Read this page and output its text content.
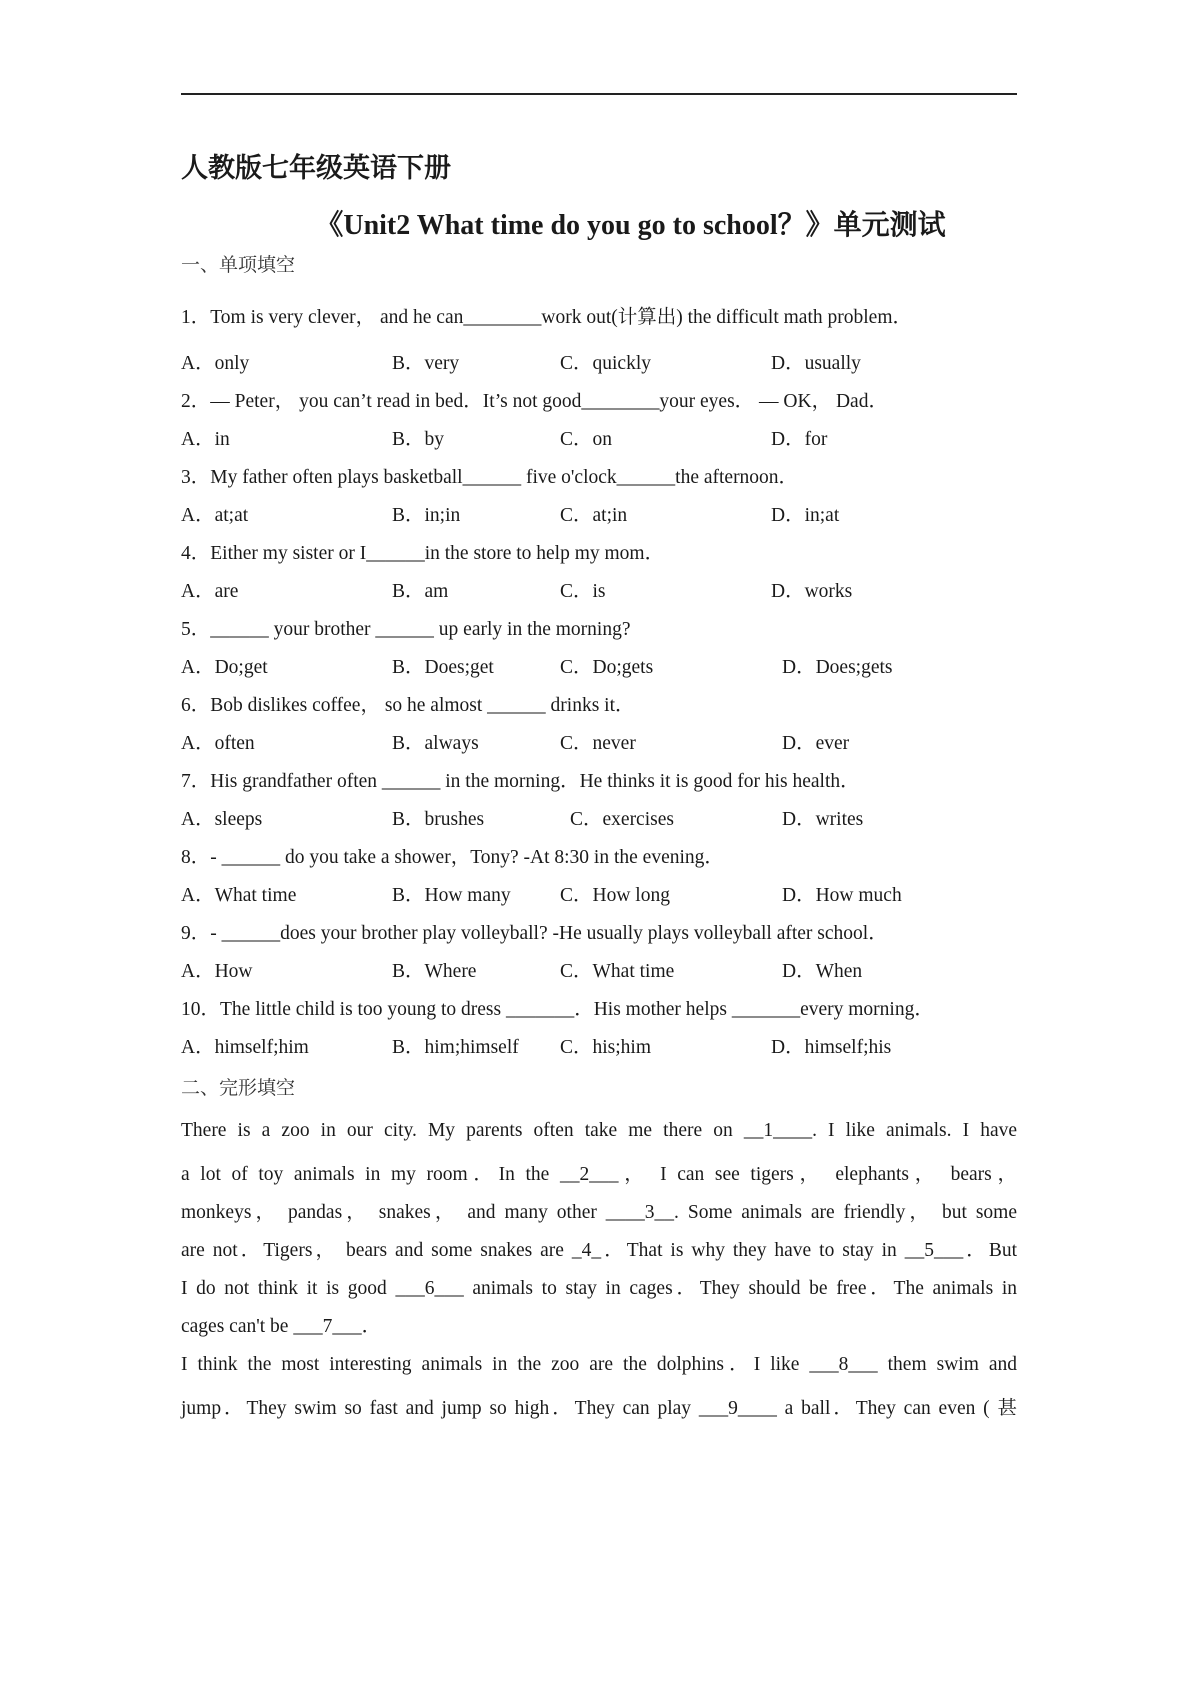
人教版七年级英语下册
《Unit2 What time do you go to school？》单元测试
一、单项填空
1．Tom is very clever， and he can________work out(计算出) the difficult math problem．
A．only	B．very	C．quickly	D．usually
2．— Peter， you can’t read in bed．It’s not good________your eyes． — OK， Dad．
A．in	B．by	C．on	D．for
3．My father often plays basketball______ five o'clock______the afternoon．
A．at;at	B．in;in	C．at;in	D．in;at
4．Either my sister or I______in the store to help my mom．
A．are	B．am	C．is	D．works
5．______ your brother ______ up early in the morning?
A．Do;get	B．Does;get	C．Do;gets	D．Does;gets
6．Bob dislikes coffee， so he almost ______ drinks it．
A．often	B．always	C．never	D．ever
7．His grandfather often ______ in the morning．He thinks it is good for his health．
A．sleeps	B．brushes	C．exercises	D．writes
8．- ______ do you take a shower，Tony? -At 8:30 in the evening．
A．What time	B．How many	C．How long	D．How much
9．- ______does your brother play volleyball? -He usually plays volleyball after school．
A．How	B．Where	C．What time	D．When
10．The little child is too young to dress _______．His mother helps _______every morning．
A．himself;him	B．him;himself C．his;him	D．himself;his
二、完形填空
There is a zoo in our city. My parents often take me there on __1____. I like animals. I have
a lot of toy animals in my room．In the __2___， I can see tigers， elephants， bears，
monkeys， pandas， snakes， and many other ____3__. Some animals are friendly， but some
are not．Tigers， bears and some snakes are _4_．That is why they have to stay in __5___．But
I do not think it is good ___6___ animals to stay in cages．They should be free．The animals in
cages can't be ___7___．
I think the most interesting animals in the zoo are the dolphins．I like ___8___ them swim and
jump．They swim so fast and jump so high．They can play ___9____ a ball．They can even ( 甚
